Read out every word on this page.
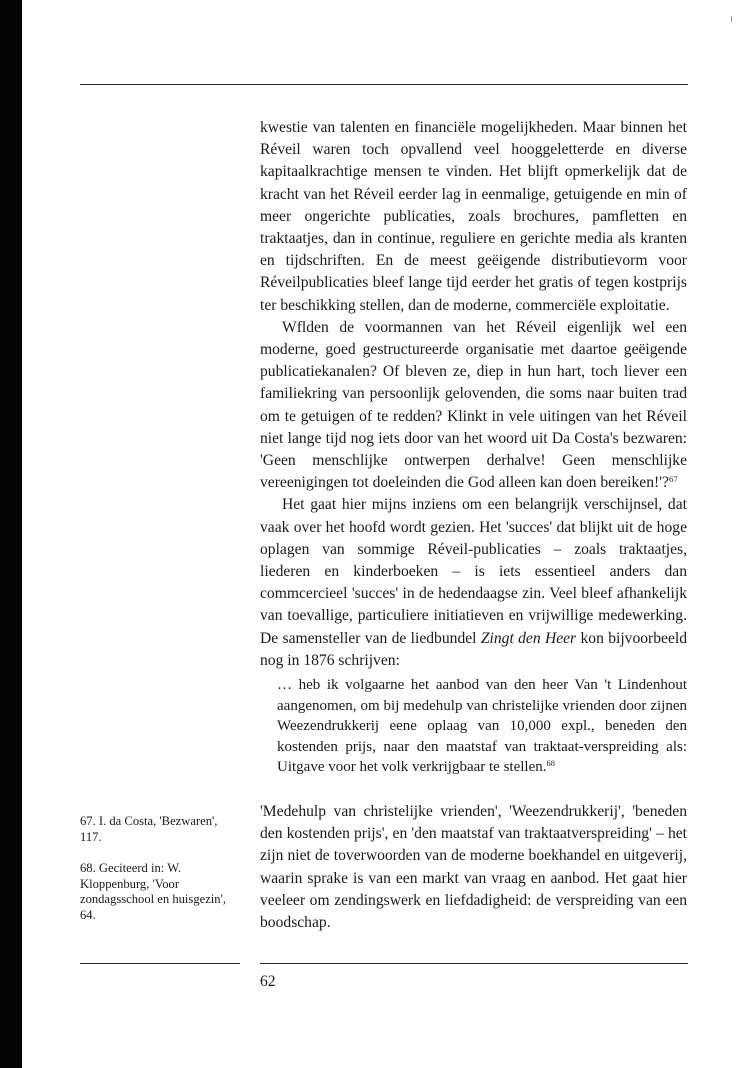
kwestie van talenten en financiële mogelijkheden. Maar binnen het Réveil waren toch opvallend veel hooggeletterde en diverse kapitaalkrachtige mensen te vinden. Het blijft opmerkelijk dat de kracht van het Réveil eerder lag in eenmalige, getuigende en min of meer ongerichte publicaties, zoals brochures, pamfletten en traktaatjes, dan in continue, reguliere en gerichte media als kranten en tijdschriften. En de meest geëigende distributievorm voor Réveilpublicaties bleef lange tijd eerder het gratis of tegen kostprijs ter beschikking stellen, dan de moderne, commerciële exploitatie.

Wflden de voormannen van het Réveil eigenlijk wel een moderne, goed gestructureerde organisatie met daartoe geëigende publicatiekanalen? Of bleven ze, diep in hun hart, toch liever een familiekring van persoonlijk gelovenden, die soms naar buiten trad om te getuigen of te redden? Klinkt in vele uitingen van het Réveil niet lange tijd nog iets door van het woord uit Da Costa's bezwaren: 'Geen menschlijke ontwerpen derhalve! Geen menschlijke vereenigingen tot doeleinden die God alleen kan doen bereiken!'?$^{67}$

Het gaat hier mijns inziens om een belangrijk verschijnsel, dat vaak over het hoofd wordt gezien. Het 'succes' dat blijkt uit de hoge oplagen van sommige Réveil-publicaties – zoals traktaatjes, liederen en kinderboeken – is iets essentieel anders dan commcercieel 'succes' in de hedendaagse zin. Veel bleef afhankelijk van toevallige, particuliere initiatieven en vrijwillige medewerking. De samensteller van de liedbundel Zingt den Heer kon bijvoorbeeld nog in 1876 schrijven:

… heb ik volgaarne het aanbod van den heer Van 't Lindenhout aangenomen, om bij medehulp van christelijke vrienden door zijnen Weezendrukkerij eene oplaag van 10,000 expl., beneden den kostenden prijs, naar den maatstaf van traktaat-verspreiding als: Uitgave voor het volk verkrijgbaar te stellen.$^{68}$

'Medehulp van christelijke vrienden', 'Weezendrukkerij', 'beneden den kostenden prijs', en 'den maatstaf van traktaatverspreiding' – het zijn niet de toverwoorden van de moderne boekhandel en uitgeverij, waarin sprake is van een markt van vraag en aanbod. Het gaat hier veeleer om zendingswerk en liefdadigheid: de verspreiding van een boodschap.

67. I. da Costa, 'Bezwaren', 117.
68. Geciteerd in: W. Kloppenburg, 'Voor zondagsschool en huisgezin', 64.
62
